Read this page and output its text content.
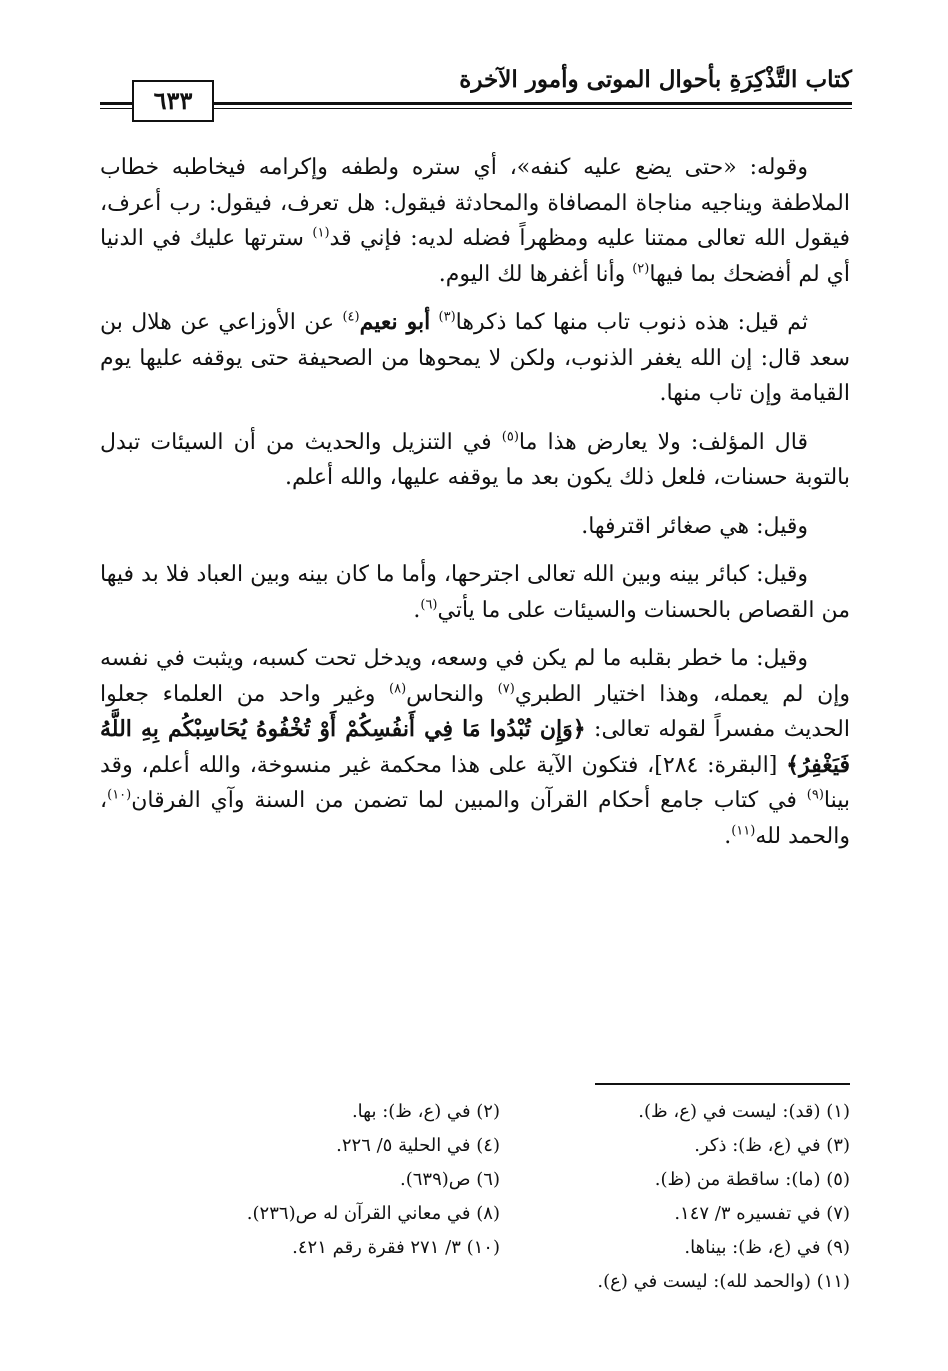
كتاب التَّذْكِرَةِ بأحوال الموتى وأمور الآخرة
٦٣٣

وقوله: «حتى يضع عليه كنفه»، أي ستره ولطفه وإكرامه فيخاطبه خطاب الملاطفة ويناجيه مناجاة المصافاة والمحادثة فيقول: هل تعرف، فيقول: رب أعرف، فيقول الله تعالى ممتنا عليه ومظهراً فضله لديه: فإني قد$^{(١)}$ سترتها عليك في الدنيا أي لم أفضحك بما فيها$^{(٢)}$ وأنا أغفرها لك اليوم.

ثم قيل: هذه ذنوب تاب منها كما ذكرها$^{(٣)}$ أبو نعيم$^{(٤)}$ عن الأوزاعي عن هلال بن سعد قال: إن الله يغفر الذنوب، ولكن لا يمحوها من الصحيفة حتى يوقفه عليها يوم القيامة وإن تاب منها.

قال المؤلف: ولا يعارض هذا ما$^{(٥)}$ في التنزيل والحديث من أن السيئات تبدل بالتوبة حسنات، فلعل ذلك يكون بعد ما يوقفه عليها، والله أعلم.

وقيل: هي صغائر اقترفها.

وقيل: كبائر بينه وبين الله تعالى اجترحها، وأما ما كان بينه وبين العباد فلا بد فيها من القصاص بالحسنات والسيئات على ما يأتي$^{(٦)}$.

وقيل: ما خطر بقلبه ما لم يكن في وسعه، ويدخل تحت كسبه، ويثبت في نفسه وإن لم يعمله، وهذا اختيار الطبري$^{(٧)}$ والنحاس$^{(٨)}$ وغير واحد من العلماء جعلوا الحديث مفسراً لقوله تعالى: ﴿وَإِن تُبْدُوا مَا فِي أَنفُسِكُمْ أَوْ تُخْفُوهُ يُحَاسِبْكُم بِهِ اللَّهُ فَيَغْفِرُ﴾ [البقرة: ٢٨٤]، فتكون الآية على هذا محكمة غير منسوخة، والله أعلم، وقد بينا$^{(٩)}$ في كتاب جامع أحكام القرآن والمبين لما تضمن من السنة وآي الفرقان$^{(١٠)}$، والحمد لله$^{(١١)}$.

(١) (قد): ليست في (ع، ظ).
(٣) في (ع، ظ): ذكر.
(٥) (ما): ساقطة من (ظ).
(٧) في تفسيره ٣/ ١٤٧.
(٩) في (ع، ظ): بيناها.
(١١) (والحمد لله): ليست في (ع).
(٢) في (ع، ظ): بها.
(٤) في الحلية ٥/ ٢٢٦.
(٦) ص(٦٣٩).
(٨) في معاني القرآن له ص(٢٣٦).
(١٠) ٣/ ٢٧١ فقرة رقم ٤٢١.
